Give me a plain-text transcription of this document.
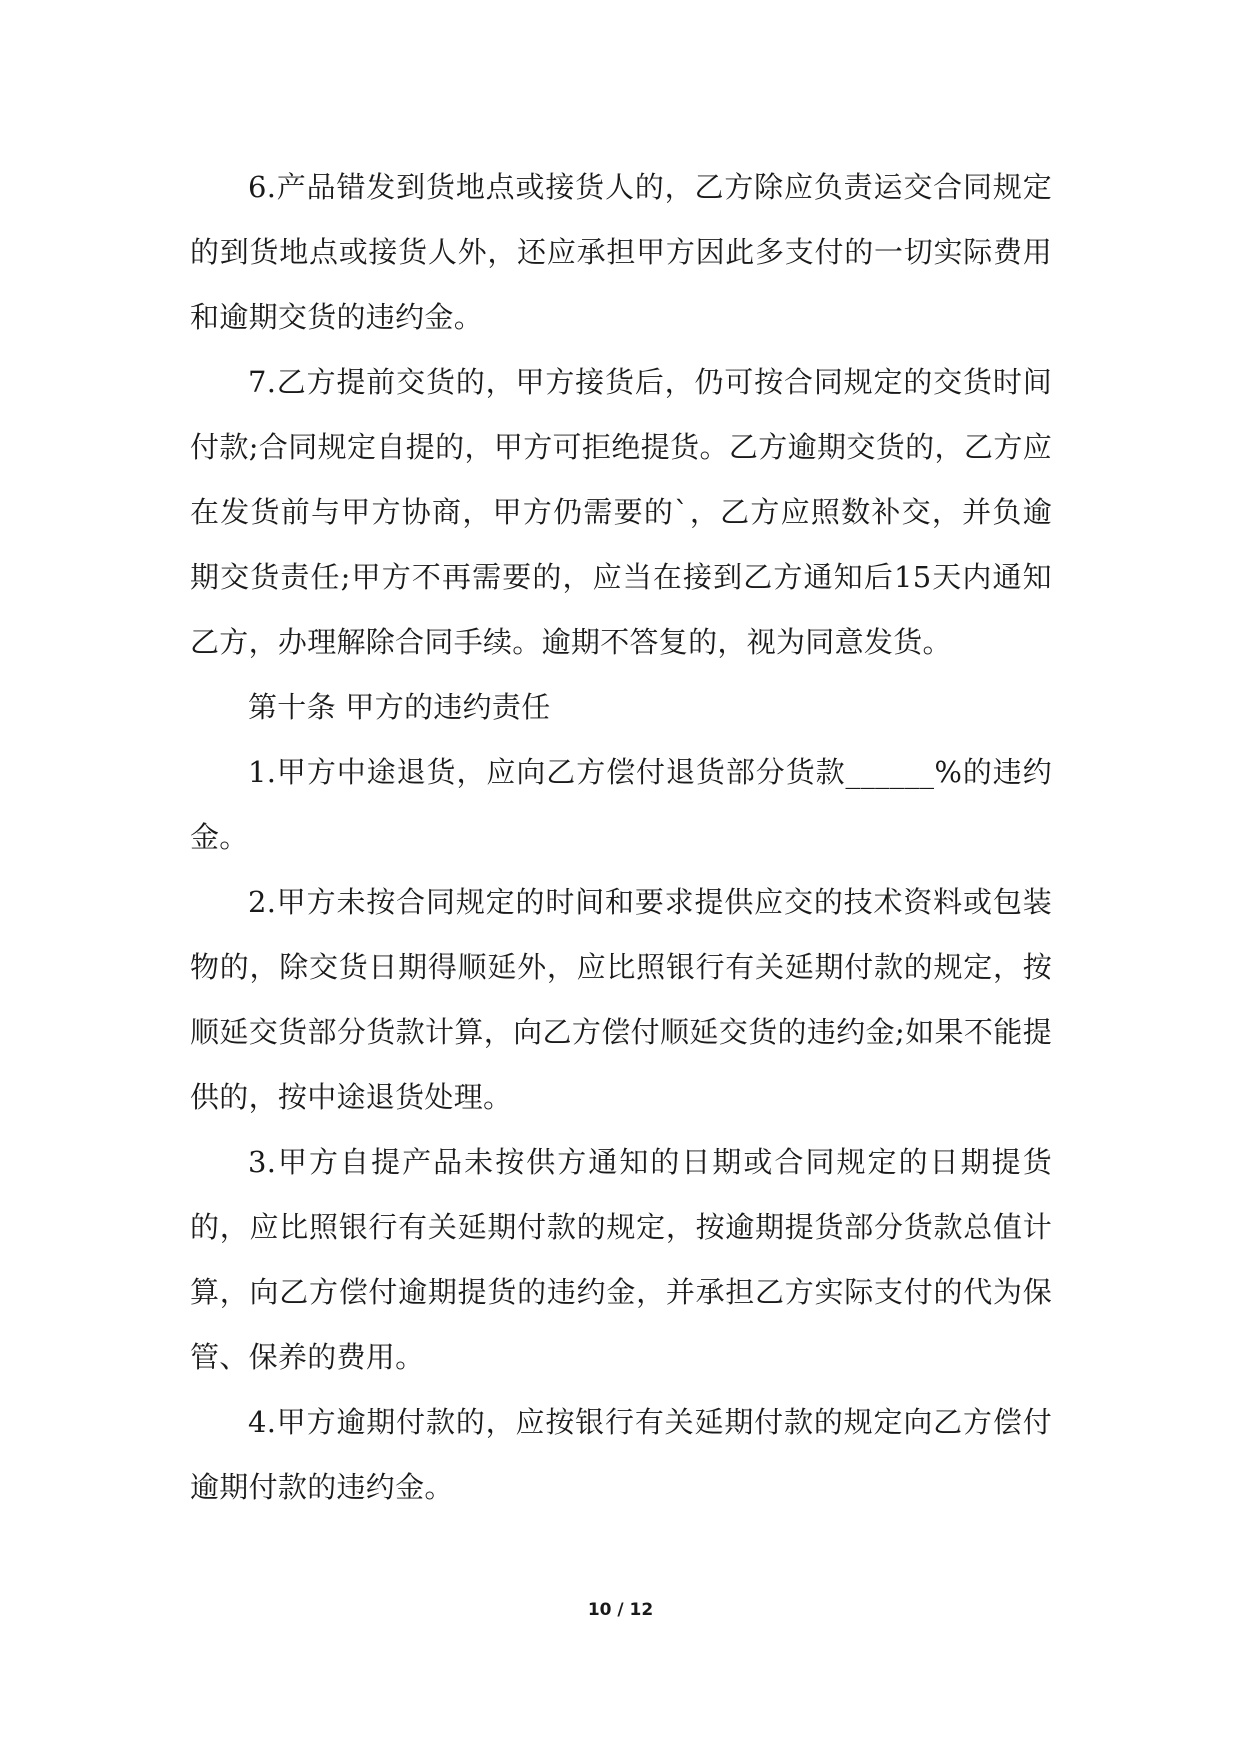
6.产品错发到货地点或接货人的，乙方除应负责运交合同规定的到货地点或接货人外，还应承担甲方因此多支付的一切实际费用和逾期交货的违约金。

7.乙方提前交货的，甲方接货后，仍可按合同规定的交货时间付款;合同规定自提的，甲方可拒绝提货。乙方逾期交货的，乙方应在发货前与甲方协商，甲方仍需要的`，乙方应照数补交，并负逾期交货责任;甲方不再需要的，应当在接到乙方通知后15天内通知乙方，办理解除合同手续。逾期不答复的，视为同意发货。

第十条 甲方的违约责任

1.甲方中途退货，应向乙方偿付退货部分货款______%的违约金。

2.甲方未按合同规定的时间和要求提供应交的技术资料或包装物的，除交货日期得顺延外，应比照银行有关延期付款的规定，按顺延交货部分货款计算，向乙方偿付顺延交货的违约金;如果不能提供的，按中途退货处理。

3.甲方自提产品未按供方通知的日期或合同规定的日期提货的，应比照银行有关延期付款的规定，按逾期提货部分货款总值计算，向乙方偿付逾期提货的违约金，并承担乙方实际支付的代为保管、保养的费用。

4.甲方逾期付款的，应按银行有关延期付款的规定向乙方偿付逾期付款的违约金。

10 / 12
